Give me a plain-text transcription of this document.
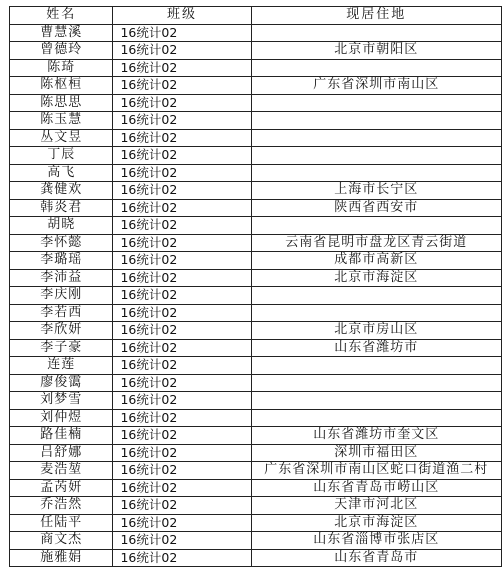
姓名	班级	现居住地
曹慧溪	16统计02	
曾德玲	16统计02	北京市朝阳区
陈琦	16统计02	
陈枢桓	16统计02	广东省深圳市南山区
陈思思	16统计02	
陈玉慧	16统计02	
丛文昱	16统计02	
丁辰	16统计02	
高飞	16统计02	
龚健欢	16统计02	上海市长宁区
韩炎君	16统计02	陕西省西安市
胡晓	16统计02	
李怀懿	16统计02	云南省昆明市盘龙区青云街道
李璐瑶	16统计02	成都市高新区
李沛益	16统计02	北京市海淀区
李庆刚	16统计02	
李若西	16统计02	
李欣妍	16统计02	北京市房山区
李子豪	16统计02	山东省潍坊市
连莲	16统计02	
廖俊霭	16统计02	
刘梦雪	16统计02	
刘仲煜	16统计02	
路佳楠	16统计02	山东省潍坊市奎文区
吕舒娜	16统计02	深圳市福田区
麦浩堃	16统计02	广东省深圳市南山区蛇口街道渔二村
孟芮妍	16统计02	山东省青岛市崂山区
乔浩然	16统计02	天津市河北区
任陆平	16统计02	北京市海淀区
商文杰	16统计02	山东省淄博市张店区
施雅娟	16统计02	山东省青岛市
